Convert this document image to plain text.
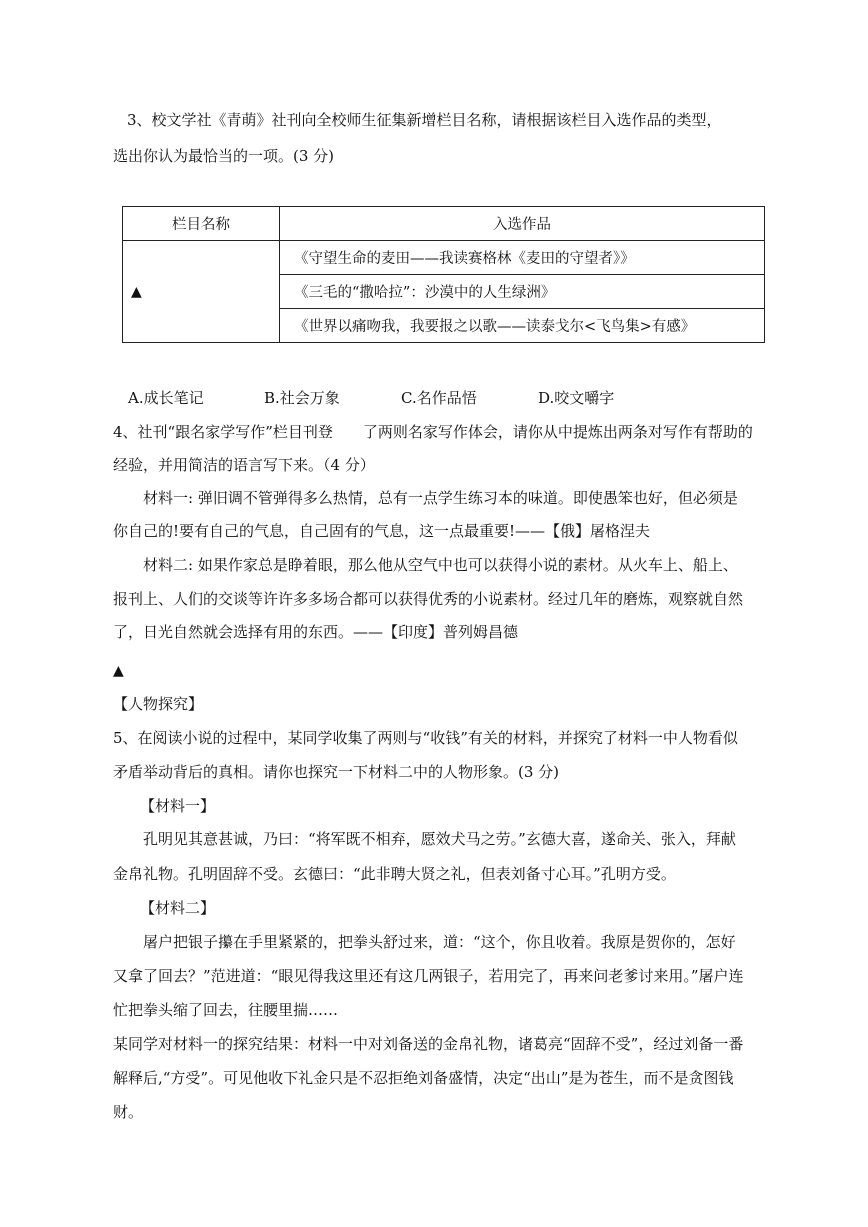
3、校文学社《青萌》社刊向全校师生征集新增栏目名称，请根据该栏目入选作品的类型，
选出你认为最恰当的一项。(3 分)
栏目名称	入选作品
▲	《守望生命的麦田——我读赛格林《麦田的守望者》》
	《三毛的“撒哈拉”：沙漠中的人生绿洲》
	《世界以痛吻我，我要报之以歌——读泰戈尔<飞鸟集>有感》
A.成长笔记	B.社会万象	C.名作品悟	D.咬文嚼字
4、社刊“跟名家学写作”栏目刊登　　了两则名家写作体会，请你从中提炼出两条对写作有帮助的
经验，并用简洁的语言写下来。（4 分）
材料一: 弹旧调不管弹得多么热情，总有一点学生练习本的味道。即使愚笨也好，但必须是
你自己的!要有自己的气息，自己固有的气息，这一点最重要!——【俄】屠格涅夫
材料二: 如果作家总是睁着眼，那么他从空气中也可以获得小说的素材。从火车上、船上、
报刊上、人们的交谈等许许多多场合都可以获得优秀的小说素材。经过几年的磨炼，观察就自然
了，日光自然就会选择有用的东西。——【印度】普列姆昌德
▲
【人物探究】
5、在阅读小说的过程中，某同学收集了两则与“收钱”有关的材料，并探究了材料一中人物看似
矛盾举动背后的真相。请你也探究一下材料二中的人物形象。(3 分)
【材料一】
孔明见其意甚诚，乃曰：“将军既不相弃，愿效犬马之劳。”玄德大喜，遂命关、张入，拜献
金帛礼物。孔明固辞不受。玄德曰：“此非聘大贤之礼，但表刘备寸心耳。”孔明方受。
【材料二】
屠户把银子攥在手里紧紧的，把拳头舒过来，道：“这个，你且收着。我原是贺你的，怎好
又拿了回去？”范进道：“眼见得我这里还有这几两银子，若用完了，再来问老爹讨来用。”屠户连
忙把拳头缩了回去，往腰里揣……
某同学对材料一的探究结果：材料一中对刘备送的金帛礼物，诸葛亮“固辞不受”，经过刘备一番
解释后,“方受”。可见他收下礼金只是不忍拒绝刘备盛情，决定“出山”是为苍生，而不是贪图钱
财。
